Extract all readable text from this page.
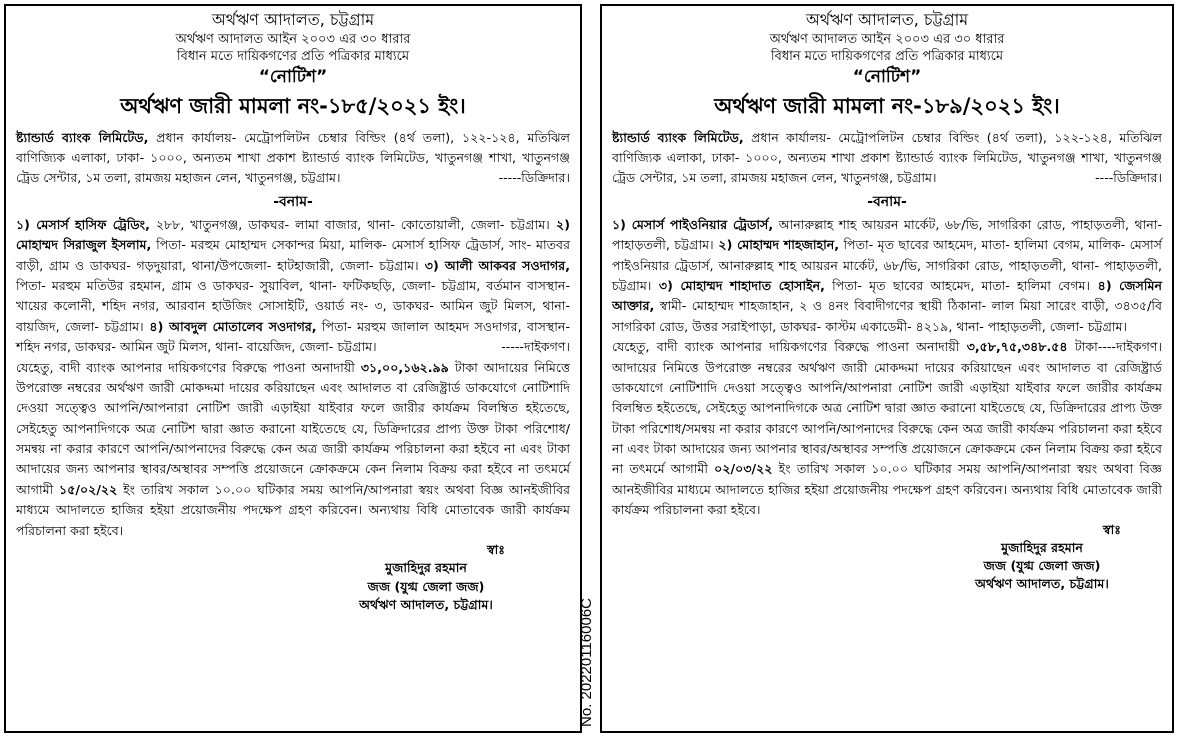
অর্থঋণ আদালত, চট্টগ্রাম
অর্থঋণ আদালত আইন ২০০৩ এর ৩০ ধারার
বিধান মতে দায়িকগণের প্রতি পত্রিকার মাধ্যমে
“নোটিশ”
অর্থঋণ জারী মামলা নং-১৮৫/২০২১ ইং।

ষ্ট্যান্ডার্ড ব্যাংক লিমিটেড, প্রধান কার্যালয়- মেট্রোপলিটন চেম্বার বিল্ডিং (৪র্থ তলা), ১২২-১২৪, মতিঝিল বাণিজ্যিক এলাকা, ঢাকা- ১০০০, অন্যতম শাখা প্রকাশ ষ্ট্যান্ডার্ড ব্যাংক লিমিটেড, খাতুনগঞ্জ শাখা, খাতুনগঞ্জ ট্রেড সেন্টার, ১ম তলা, রামজয় মহাজন লেন, খাতুনগঞ্জ, চট্টগ্রাম।	-----ডিক্রিদার।

-বনাম-

১) মেসার্স হাসিফ ট্রেডিং, ২৮৮, খাতুনগঞ্জ, ডাকঘর- লামা বাজার, থানা- কোতোয়ালী, জেলা- চট্টগ্রাম। ২) মোহাম্মদ সিরাজুল ইসলাম, পিতা- মরহুম মোহাম্মদ সেকান্দর মিয়া, মালিক- মেসার্স হাসিফ ট্রেডার্স, সাং- মাতবর বাড়ী, গ্রাম ও ডাকঘর- গড়দুয়ারা, থানা/উপজেলা- হাটহাজারী, জেলা- চট্টগ্রাম। ৩) আলী আকবর সওদাগর, পিতা- মরহুম মতিউর রহমান, গ্রাম ও ডাকঘর- সুয়াবিল, থানা- ফটিকছড়ি, জেলা- চট্টগ্রাম, বর্তমান বাসস্থান- খায়ের কলোনী, শহিদ নগর, আরবান হাউজিং সোসাইটি, ওয়ার্ড নং- ৩, ডাকঘর- আমিন জুট মিলস, থানা- বায়জিদ, জেলা- চট্টগ্রাম। ৪) আবদুল মোতালেব সওদাগর, পিতা- মরহুম জালাল আহমদ সওদাগর, বাসস্থান- শহিদ নগর, ডাকঘর- আমিন জুট মিলস, থানা- বায়েজিদ, জেলা- চট্টগ্রাম।	-----দাইকগণ।

যেহেতু, বাদী ব্যাংক আপনার দায়িকগণের বিরুদ্ধে পাওনা অনাদায়ী ৩১,০০,১৬২.৯৯ টাকা আদায়ের নিমিত্তে উপরোক্ত নম্বরের অর্থঋণ জারী মোকদ্দমা দায়ের করিয়াছেন এবং আদালত বা রেজিষ্ট্রার্ড ডাকযোগে নোটিশাদি দেওয়া সত্ত্বেও আপনি/আপনারা নোটিশ জারী এড়াইয়া যাইবার ফলে জারীর কার্যক্রম বিলম্বিত হইতেছে, সেইহেতু আপনাদিগকে অত্র নোটিশ দ্বারা জ্ঞাত করানো যাইতেছে যে, ডিক্রিদারের প্রাপ্য উক্ত টাকা পরিশোধ/সমন্বয় না করার কারণে আপনি/আপনাদের বিরুদ্ধে কেন অত্র জারী কার্যক্রম পরিচালনা করা হইবে না এবং টাকা আদায়ের জন্য আপনার স্থাবর/অস্থাবর সম্পত্তি প্রয়োজনে ক্রোকক্রমে কেন নিলাম বিক্রয় করা হইবে না তৎমর্মে আগামী ১৫/০২/২২ ইং তারিখ সকাল ১০.০০ ঘটিকার সময় আপনি/আপনারা স্বয়ং অথবা বিজ্ঞ আনইজীবির মাধ্যমে আদালতে হাজির হইয়া প্রয়োজনীয় পদক্ষেপ গ্রহণ করিবেন। অন্যথায় বিধি মোতাবেক জারী কার্যক্রম পরিচালনা করা হইবে।

স্বাঃ
মুজাহিদুর রহমান
জজ (যুগ্ম জেলা জজ)
অর্থঋণ আদালত, চট্টগ্রাম।	No. 20220116006C
অর্থঋণ আদালত, চট্টগ্রাম
অর্থঋণ আদালত আইন ২০০৩ এর ৩০ ধারার
বিধান মতে দায়িকগণের প্রতি পত্রিকার মাধ্যমে
“নোটিশ”
অর্থঋণ জারী মামলা নং-১৮৯/২০২১ ইং।

ষ্ট্যান্ডার্ড ব্যাংক লিমিটেড, প্রধান কার্যালয়- মেট্রোপলিটন চেম্বার বিল্ডিং (৪র্থ তলা), ১২২-১২৪, মতিঝিল বাণিজ্যিক এলাকা, ঢাকা- ১০০০, অন্যতম শাখা প্রকাশ ষ্ট্যান্ডার্ড ব্যাংক লিমিটেড, খাতুনগঞ্জ শাখা, খাতুনগঞ্জ ট্রেড সেন্টার, ১ম তলা, রামজয় মহাজন লেন, খাতুনগঞ্জ, চট্টগ্রাম।	----ডিক্রিদার।

-বনাম-

১) মেসার্স পাইওনিয়ার ট্রেডার্স, আনারুল্লাহ শাহ আয়রন মার্কেট, ৬৮/ভি, সাগরিকা রোড, পাহাড়তলী, থানা- পাহাড়তলী, চট্টগ্রাম। ২) মোহাম্মদ শাহজাহান, পিতা- মৃত ছাবের আহমেদ, মাতা- হালিমা বেগম, মালিক- মেসার্স পাইওনিয়ার ট্রেডার্স, আনারুল্লাহ শাহ আয়রন মার্কেট, ৬৮/ভি, সাগরিকা রোড, পাহাড়তলী, থানা- পাহাড়তলী, চট্টগ্রাম। ৩) মোহাম্মদ শাহাদাত হোসাইন, পিতা- মৃত ছাবের আহমেদ, মাতা- হালিমা বেগম। ৪) জেসমিন আক্তার, স্বামী- মোহাম্মদ শাহজাহান, ২ ও ৪নং বিবাদীগণের স্থায়ী ঠিকানা- লাল মিয়া সারেং বাড়ী, ৩৪৩৫/বি সাগরিকা রোড, উত্তর সরাইপাড়া, ডাকঘর- কাস্টম একাডেমী- ৪২১৯, থানা- পাহাড়তলী, জেলা- চট্টগ্রাম।
----দাইকগণ।

যেহেতু, বাদী ব্যাংক আপনার দায়িকগণের বিরুদ্ধে পাওনা অনাদায়ী ৩,৫৮,৭৫,৩৪৮.৫৪ টাকা আদায়ের নিমিত্তে উপরোক্ত নম্বরের অর্থঋণ জারী মোকদ্দমা দায়ের করিয়াছেন এবং আদালত বা রেজিষ্ট্রার্ড ডাকযোগে নোটিশাদি দেওয়া সত্ত্বেও আপনি/আপনারা নোটিশ জারী এড়াইয়া যাইবার ফলে জারীর কার্যক্রম বিলম্বিত হইতেছে, সেইহেতু আপনাদিগকে অত্র নোটিশ দ্বারা জ্ঞাত করানো যাইতেছে যে, ডিক্রিদারের প্রাপ্য উক্ত টাকা পরিশোধ/সমন্বয় না করার কারণে আপনি/আপনাদের বিরুদ্ধে কেন অত্র জারী কার্যক্রম পরিচালনা করা হইবে না এবং টাকা আদায়ের জন্য আপনার স্থাবর/অস্থাবর সম্পত্তি প্রয়োজনে ক্রোকক্রমে কেন নিলাম বিক্রয় করা হইবে না তৎমর্মে আগামী ০২/০৩/২২ ইং তারিখ সকাল ১০.০০ ঘটিকার সময় আপনি/আপনারা স্বয়ং অথবা বিজ্ঞ আনইজীবির মাধ্যমে আদালতে হাজির হইয়া প্রয়োজনীয় পদক্ষেপ গ্রহণ করিবেন। অন্যথায় বিধি মোতাবেক জারী কার্যক্রম পরিচালনা করা হইবে।

স্বাঃ
মুজাহিদুর রহমান
জজ (যুগ্ম জেলা জজ)
অর্থঋণ আদালত, চট্টগ্রাম।
